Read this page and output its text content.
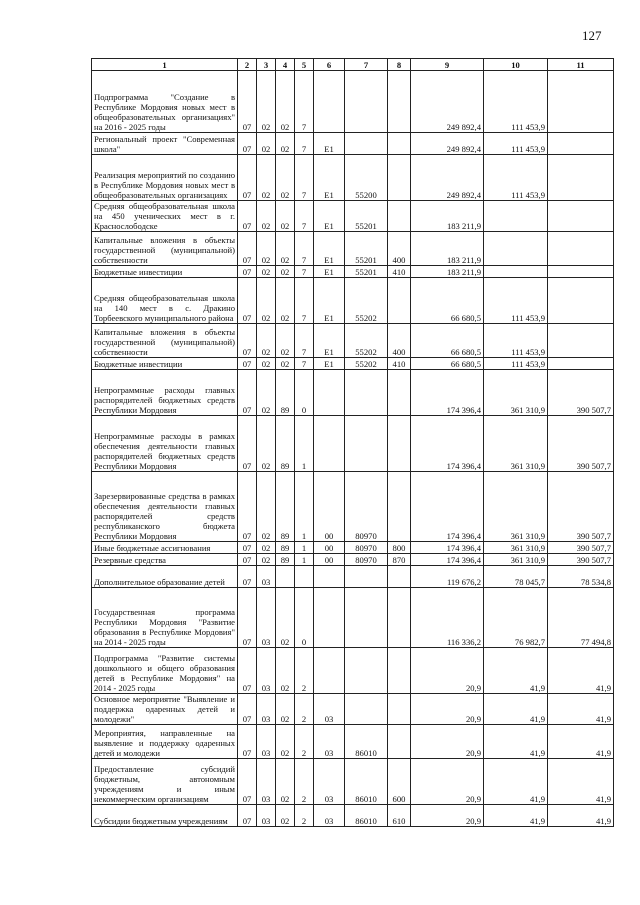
127
1	2	3	4	5	6	7	8	9	10	11

Подпрограмма "Создание в Республике Мордовия новых мест в общеобразовательных организациях" на 2016 - 2025 годы	07	02	02	7				249 892,4	111 453,9	

Региональный проект "Современная школа"	07	02	02	7	E1			249 892,4	111 453,9	

Реализация мероприятий по созданию в Республике Мордовия новых мест в общеобразовательных организациях	07	02	02	7	E1	55200		249 892,4	111 453,9	

Средняя общеобразовательная школа на 450 ученических мест в г. Краснослободске	07	02	02	7	E1	55201		183 211,9		

Капитальные вложения в объекты государственной (муниципальной) собственности	07	02	02	7	E1	55201	400	183 211,9		

Бюджетные инвестиции	07	02	02	7	E1	55201	410	183 211,9		

Средняя общеобразовательная школа на 140 мест в с. Дракино Торбеевского муниципального района	07	02	02	7	E1	55202		66 680,5	111 453,9	

Капитальные вложения в объекты государственной (муниципальной) собственности	07	02	02	7	E1	55202	400	66 680,5	111 453,9	

Бюджетные инвестиции	07	02	02	7	E1	55202	410	66 680,5	111 453,9	

Непрограммные расходы главных распорядителей бюджетных средств Республики Мордовия	07	02	89	0				174 396,4	361 310,9	390 507,7

Непрограммные расходы в рамках обеспечения деятельности главных распорядителей бюджетных средств Республики Мордовия	07	02	89	1				174 396,4	361 310,9	390 507,7

Зарезервированные средства в рамках обеспечения деятельности главных распорядителей средств республиканского бюджета Республики Мордовия	07	02	89	1	00	80970		174 396,4	361 310,9	390 507,7

Иные бюджетные ассигнования	07	02	89	1	00	80970	800	174 396,4	361 310,9	390 507,7

Резервные средства	07	02	89	1	00	80970	870	174 396,4	361 310,9	390 507,7

Дополнительное образование детей	07	03						119 676,2	78 045,7	78 534,8

Государственная программа Республики Мордовия "Развитие образования в Республике Мордовия" на 2014 - 2025 годы	07	03	02	0				116 336,2	76 982,7	77 494,8

Подпрограмма "Развитие системы дошкольного и общего образования детей в Республике Мордовия" на 2014 - 2025 годы	07	03	02	2				20,9	41,9	41,9

Основное мероприятие "Выявление и поддержка одаренных детей и молодежи"	07	03	02	2	03			20,9	41,9	41,9

Мероприятия, направленные на выявление и поддержку одаренных детей и молодежи	07	03	02	2	03	86010		20,9	41,9	41,9

Предоставление субсидий бюджетным, автономным учреждениям и иным некоммерческим организациям	07	03	02	2	03	86010	600	20,9	41,9	41,9

Субсидии бюджетным учреждениям	07	03	02	2	03	86010	610	20,9	41,9	41,9
